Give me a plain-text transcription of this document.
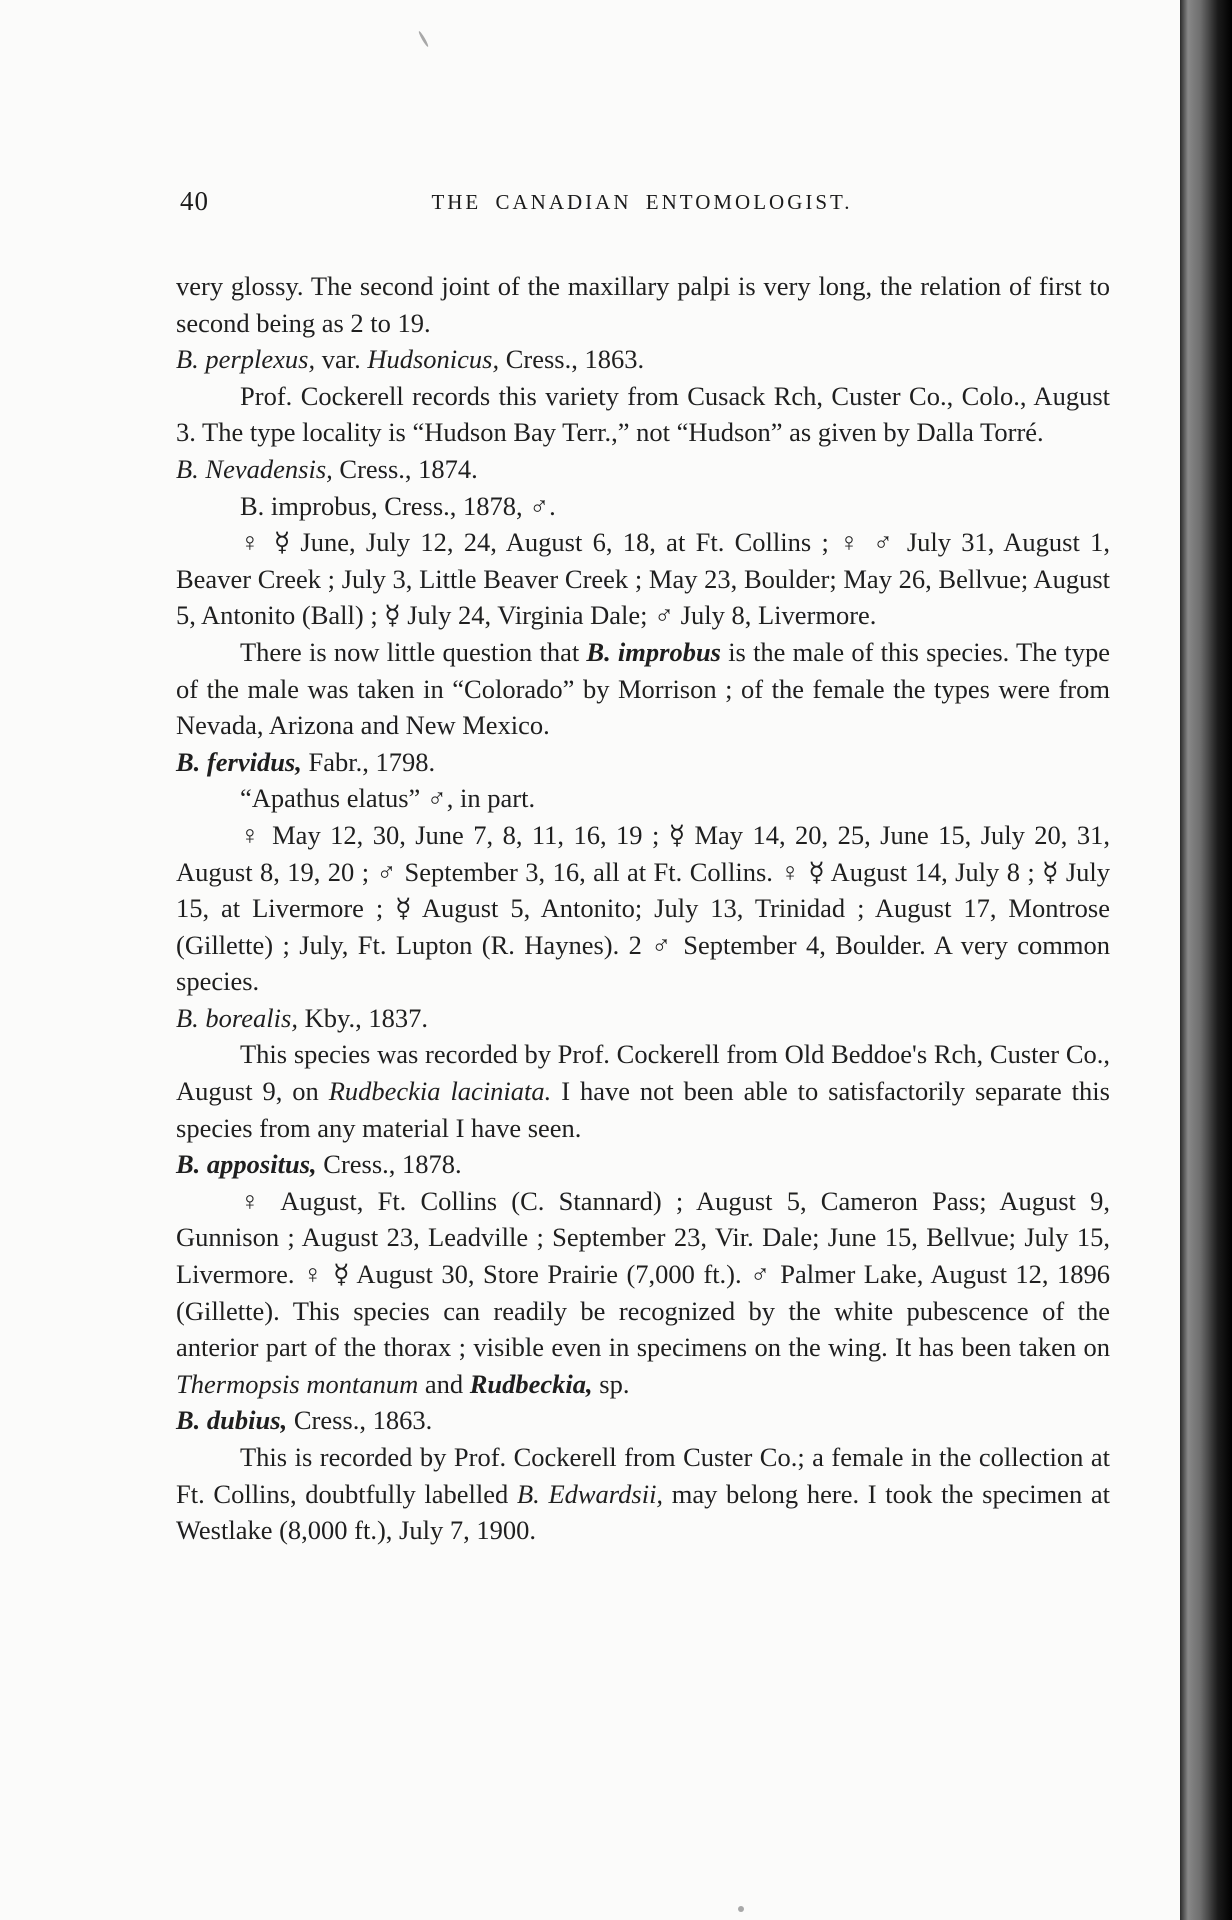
40	THE CANADIAN ENTOMOLOGIST.

very glossy. The second joint of the maxillary palpi is very long, the relation of first to second being as 2 to 19.

B. perplexus, var. Hudsonicus, Cress., 1863.

Prof. Cockerell records this variety from Cusack Rch, Custer Co., Colo., August 3. The type locality is “Hudson Bay Terr.,” not “Hudson” as given by Dalla Torré.

B. Nevadensis, Cress., 1874.

B. improbus, Cress., 1878, ♂.

♀ ☿ June, July 12, 24, August 6, 18, at Ft. Collins ; ♀ ♂ July 31, August 1, Beaver Creek ; July 3, Little Beaver Creek ; May 23, Boulder; May 26, Bellvue; August 5, Antonito (Ball) ; ☿ July 24, Virginia Dale; ♂ July 8, Livermore.

There is now little question that B. improbus is the male of this species. The type of the male was taken in “Colorado” by Morrison ; of the female the types were from Nevada, Arizona and New Mexico.

B. fervidus, Fabr., 1798.

“Apathus elatus” ♂, in part.

♀ May 12, 30, June 7, 8, 11, 16, 19 ; ☿ May 14, 20, 25, June 15, July 20, 31, August 8, 19, 20 ; ♂ September 3, 16, all at Ft. Collins. ♀ ☿ August 14, July 8 ; ☿ July 15, at Livermore ; ☿ August 5, Antonito; July 13, Trinidad ; August 17, Montrose (Gillette) ; July, Ft. Lupton (R. Haynes). 2 ♂ September 4, Boulder. A very common species.

B. borealis, Kby., 1837.

This species was recorded by Prof. Cockerell from Old Beddoe's Rch, Custer Co., August 9, on Rudbeckia laciniata. I have not been able to satisfactorily separate this species from any material I have seen.

B. appositus, Cress., 1878.

♀ August, Ft. Collins (C. Stannard) ; August 5, Cameron Pass; August 9, Gunnison ; August 23, Leadville ; September 23, Vir. Dale; June 15, Bellvue; July 15, Livermore. ♀ ☿ August 30, Store Prairie (7,000 ft.). ♂ Palmer Lake, August 12, 1896 (Gillette). This species can readily be recognized by the white pubescence of the anterior part of the thorax ; visible even in specimens on the wing. It has been taken on Thermopsis montanum and Rudbeckia, sp.

B. dubius, Cress., 1863.

This is recorded by Prof. Cockerell from Custer Co.; a female in the collection at Ft. Collins, doubtfully labelled B. Edwardsii, may belong here. I took the specimen at Westlake (8,000 ft.), July 7, 1900.
